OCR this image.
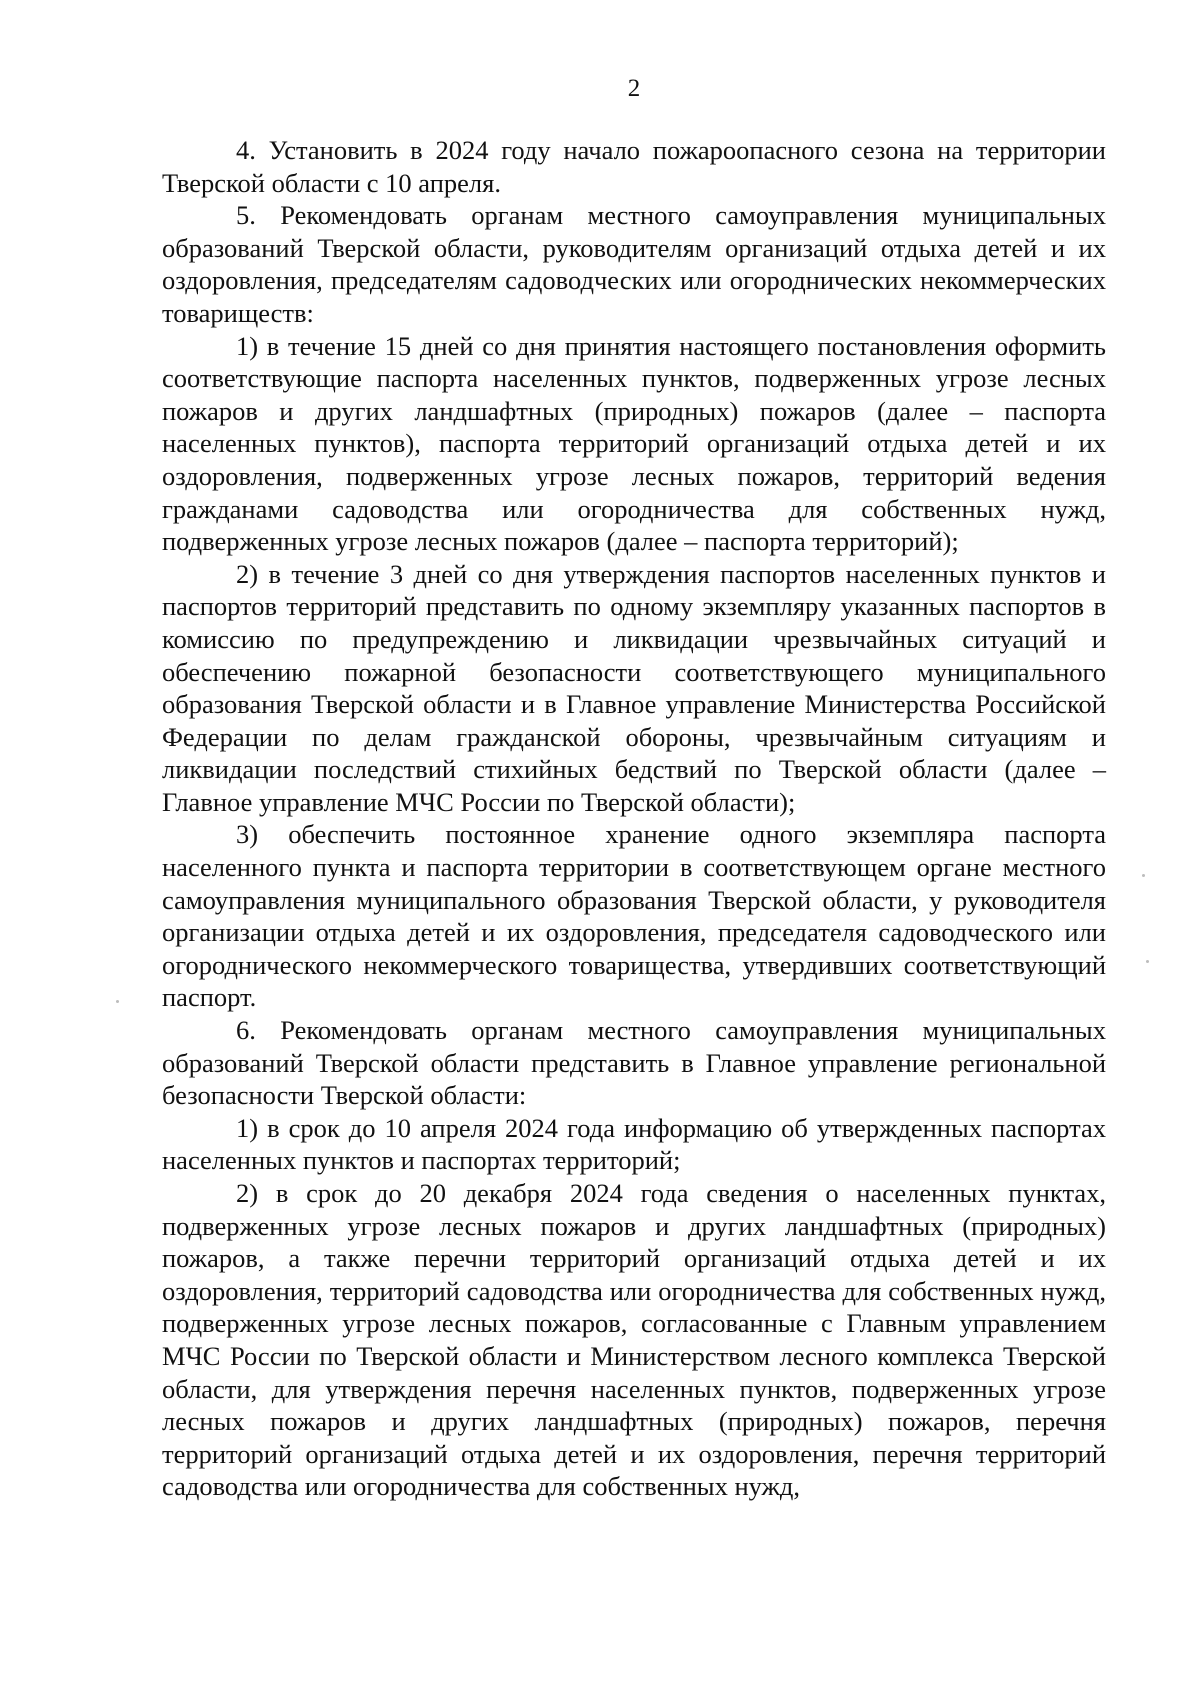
2

4. Установить в 2024 году начало пожароопасного сезона на территории Тверской области с 10 апреля.

5. Рекомендовать органам местного самоуправления муниципальных образований Тверской области, руководителям организаций отдыха детей и их оздоровления, председателям садоводческих или огороднических некоммерческих товариществ:

1) в течение 15 дней со дня принятия настоящего постановления оформить соответствующие паспорта населенных пунктов, подверженных угрозе лесных пожаров и других ландшафтных (природных) пожаров (далее – паспорта населенных пунктов), паспорта территорий организаций отдыха детей и их оздоровления, подверженных угрозе лесных пожаров, территорий ведения гражданами садоводства или огородничества для собственных нужд, подверженных угрозе лесных пожаров (далее – паспорта территорий);

2) в течение 3 дней со дня утверждения паспортов населенных пунктов и паспортов территорий представить по одному экземпляру указанных паспортов в комиссию по предупреждению и ликвидации чрезвычайных ситуаций и обеспечению пожарной безопасности соответствующего муниципального образования Тверской области и в Главное управление Министерства Российской Федерации по делам гражданской обороны, чрезвычайным ситуациям и ликвидации последствий стихийных бедствий по Тверской области (далее – Главное управление МЧС России по Тверской области);

3) обеспечить постоянное хранение одного экземпляра паспорта населенного пункта и паспорта территории в соответствующем органе местного самоуправления муниципального образования Тверской области, у руководителя организации отдыха детей и их оздоровления, председателя садоводческого или огороднического некоммерческого товарищества, утвердивших соответствующий паспорт.

6. Рекомендовать органам местного самоуправления муниципальных образований Тверской области представить в Главное управление региональной безопасности Тверской области:

1) в срок до 10 апреля 2024 года информацию об утвержденных паспортах населенных пунктов и паспортах территорий;

2) в срок до 20 декабря 2024 года сведения о населенных пунктах, подверженных угрозе лесных пожаров и других ландшафтных (природных) пожаров, а также перечни территорий организаций отдыха детей и их оздоровления, территорий садоводства или огородничества для собственных нужд, подверженных угрозе лесных пожаров, согласованные с Главным управлением МЧС России по Тверской области и Министерством лесного комплекса Тверской области, для утверждения перечня населенных пунктов, подверженных угрозе лесных пожаров и других ландшафтных (природных) пожаров, перечня территорий организаций отдыха детей и их оздоровления, перечня территорий садоводства или огородничества для собственных нужд,
